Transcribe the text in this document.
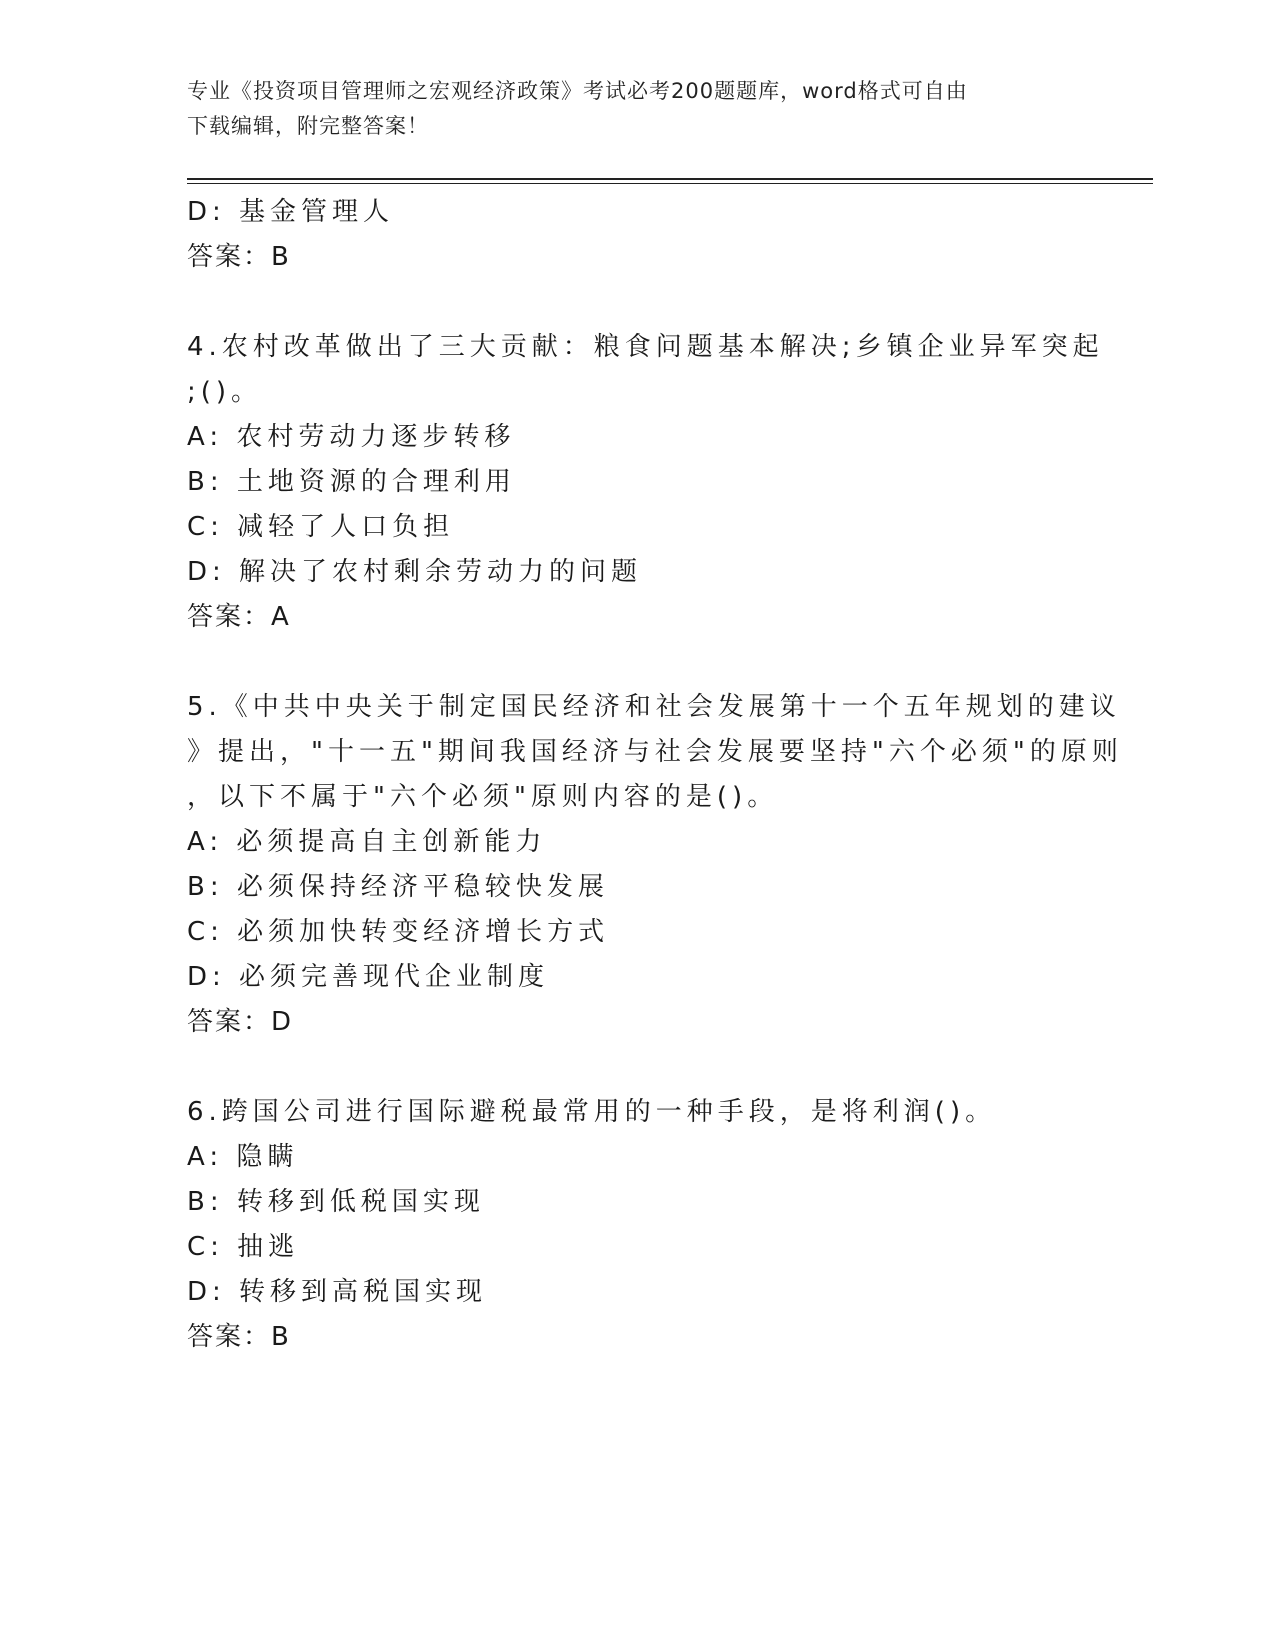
专业《投资项目管理师之宏观经济政策》考试必考200题题库，word格式可自由
下载编辑，附完整答案！
D: 基金管理人
答案：B
4.农村改革做出了三大贡献：粮食问题基本解决;乡镇企业异军突起
;()。
A: 农村劳动力逐步转移
B: 土地资源的合理利用
C: 减轻了人口负担
D: 解决了农村剩余劳动力的问题
答案：A
5.《中共中央关于制定国民经济和社会发展第十一个五年规划的建议
》提出，"十一五"期间我国经济与社会发展要坚持"六个必须"的原则
，以下不属于"六个必须"原则内容的是()。
A: 必须提高自主创新能力
B: 必须保持经济平稳较快发展
C: 必须加快转变经济增长方式
D: 必须完善现代企业制度
答案：D
6.跨国公司进行国际避税最常用的一种手段，是将利润()。
A: 隐瞒
B: 转移到低税国实现
C: 抽逃
D: 转移到高税国实现
答案：B
